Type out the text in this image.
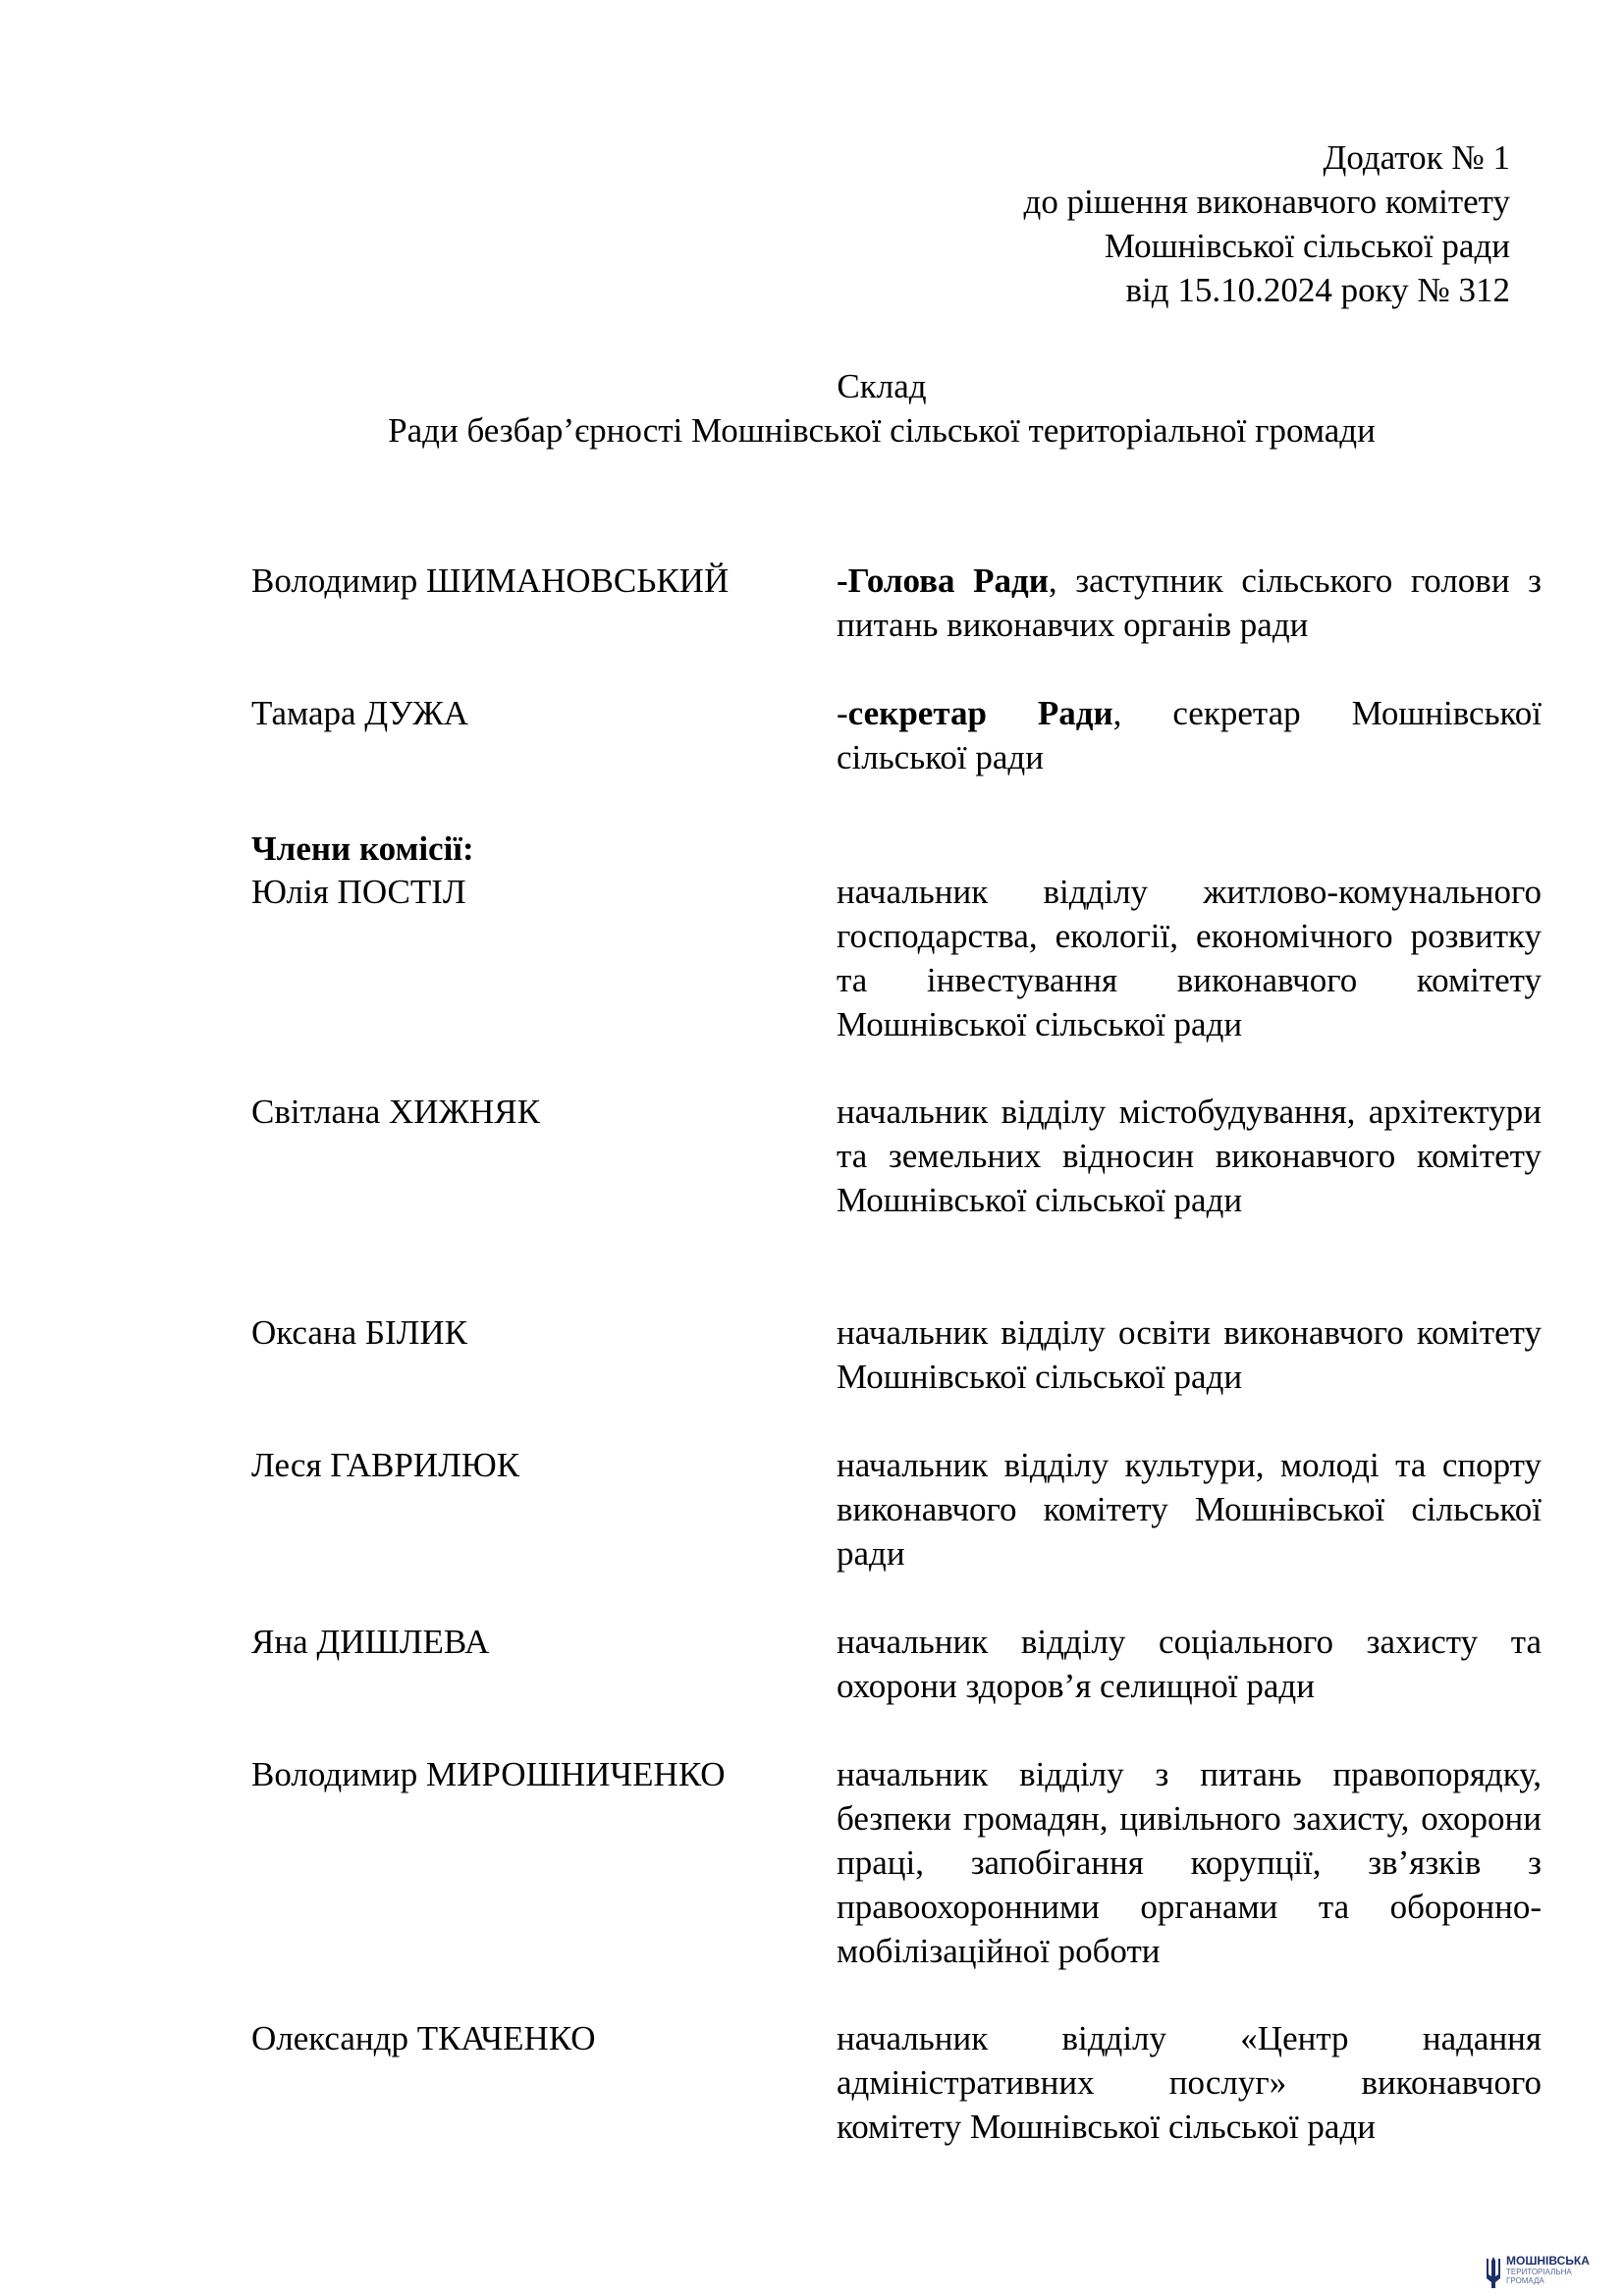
Додаток № 1
до рішення виконавчого комітету
Мошнівської сільської ради
від 15.10.2024 року № 312
Склад
Ради безбар’єрності Мошнівської сільської територіальної громади
Володимир ШИМАНОВСЬКИЙ	-Голова Ради, заступник сільського голови з питань виконавчих органів ради
Тамара ДУЖА	-секретар Ради, секретар Мошнівської сільської ради
Члени комісії:
Юлія ПОСТІЛ	начальник відділу житлово-комунального господарства, екології, економічного розвитку та інвестування виконавчого комітету Мошнівської сільської ради
Світлана ХИЖНЯК	начальник відділу містобудування, архітектури та земельних відносин виконавчого комітету Мошнівської сільської ради
Оксана БІЛИК	начальник відділу освіти виконавчого комітету Мошнівської сільської ради
Леся ГАВРИЛЮК	начальник відділу культури, молоді та спорту виконавчого комітету Мошнівської сільської ради
Яна ДИШЛЕВА	начальник відділу соціального захисту та охорони здоров’я селищної ради
Володимир МИРОШНИЧЕНКО	начальник відділу з питань правопорядку, безпеки громадян, цивільного захисту, охорони праці, запобігання корупції, зв’язків з правоохоронними органами та оборонно-мобілізаційної роботи
Олександр ТКАЧЕНКО	начальник відділу «Центр надання адміністративних послуг» виконавчого комітету Мошнівської сільської ради
МОШНІВСЬКА
ТЕРИТОРІАЛЬНА
ГРОМАДА
